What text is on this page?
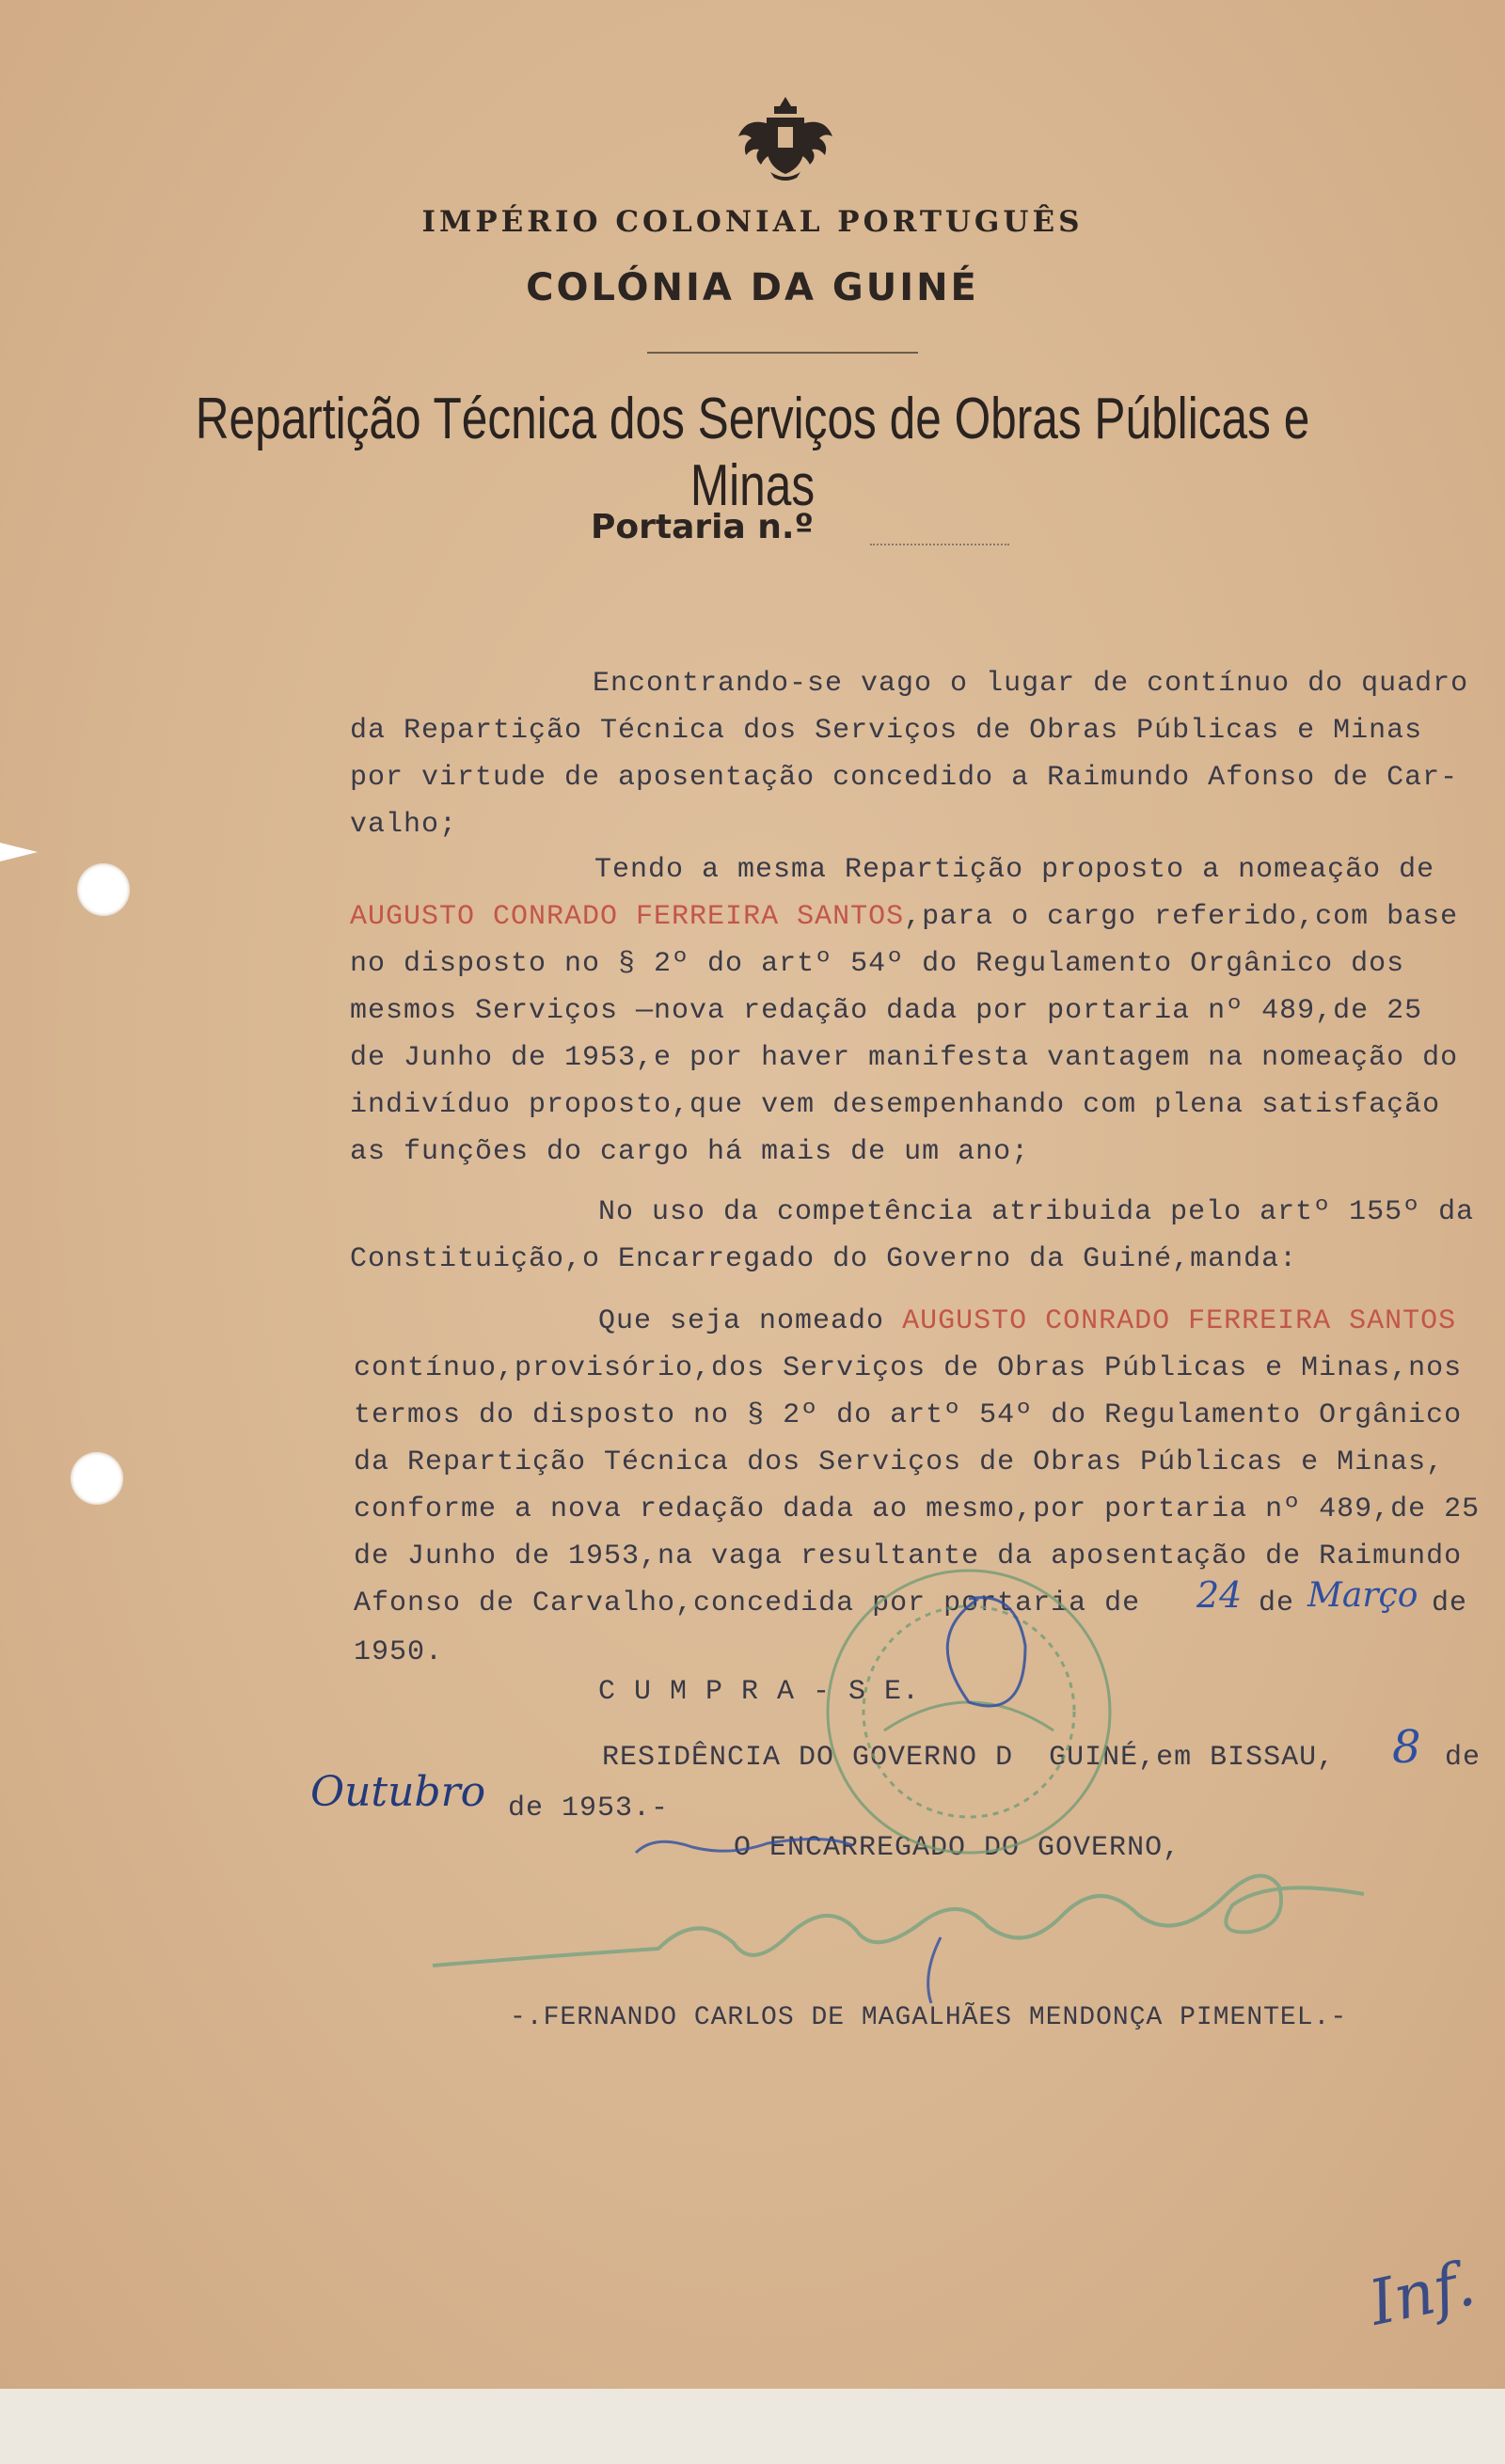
IMPÉRIO COLONIAL PORTUGUÊS
COLÓNIA DA GUINÉ
Repartição Técnica dos Serviços de Obras Públicas e Minas
Portaria n.º
Encontrando-se vago o lugar de contínuo do quadro
da Repartição Técnica dos Serviços de Obras Públicas e Minas
por virtude de aposentação concedido a Raimundo Afonso de Car-
valho;
Tendo a mesma Repartição proposto a nomeação de
AUGUSTO CONRADO FERREIRA SANTOS,para o cargo referido,com base
no disposto no § 2º do artº 54º do Regulamento Orgânico dos
mesmos Serviços —nova redação dada por portaria nº 489,de 25
de Junho de 1953,e por haver manifesta vantagem na nomeação do
indivíduo proposto,que vem desempenhando com plena satisfação
as funções do cargo há mais de um ano;
No uso da competência atribuida pelo artº 155º da
Constituição,o Encarregado do Governo da Guiné,manda:
Que seja nomeado AUGUSTO CONRADO FERREIRA SANTOS
contínuo,provisório,dos Serviços de Obras Públicas e Minas,nos
termos do disposto no § 2º do artº 54º do Regulamento Orgânico
da Repartição Técnica dos Serviços de Obras Públicas e Minas,
conforme a nova redação dada ao mesmo,por portaria nº 489,de 25
de Junho de 1953,na vaga resultante da aposentação de Raimundo
Afonso de Carvalho,concedida por portaria de 24 de Março de
1950.
C U M P R A - S E.
RESIDÊNCIA DO GOVERNO D  GUINÉ,em BISSAU, 8 de
Outubro de 1953.-
O ENCARREGADO DO GOVERNO,
-.FERNANDO CARLOS DE MAGALHÃES MENDONÇA PIMENTEL.-
Inf.
